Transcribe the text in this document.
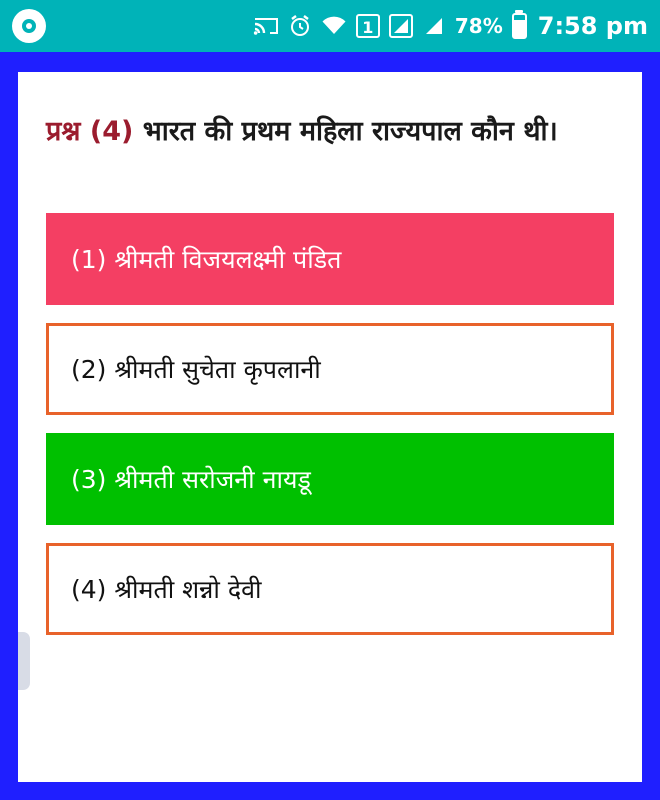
1	78% 7:58 pm
प्रश्न (4) भारत की प्रथम महिला राज्यपाल कौन थी।
(1) श्रीमती विजयलक्ष्मी पंडित
(2) श्रीमती सुचेता कृपलानी
(3) श्रीमती सरोजनी नायडू
(4) श्रीमती शन्नो देवी
